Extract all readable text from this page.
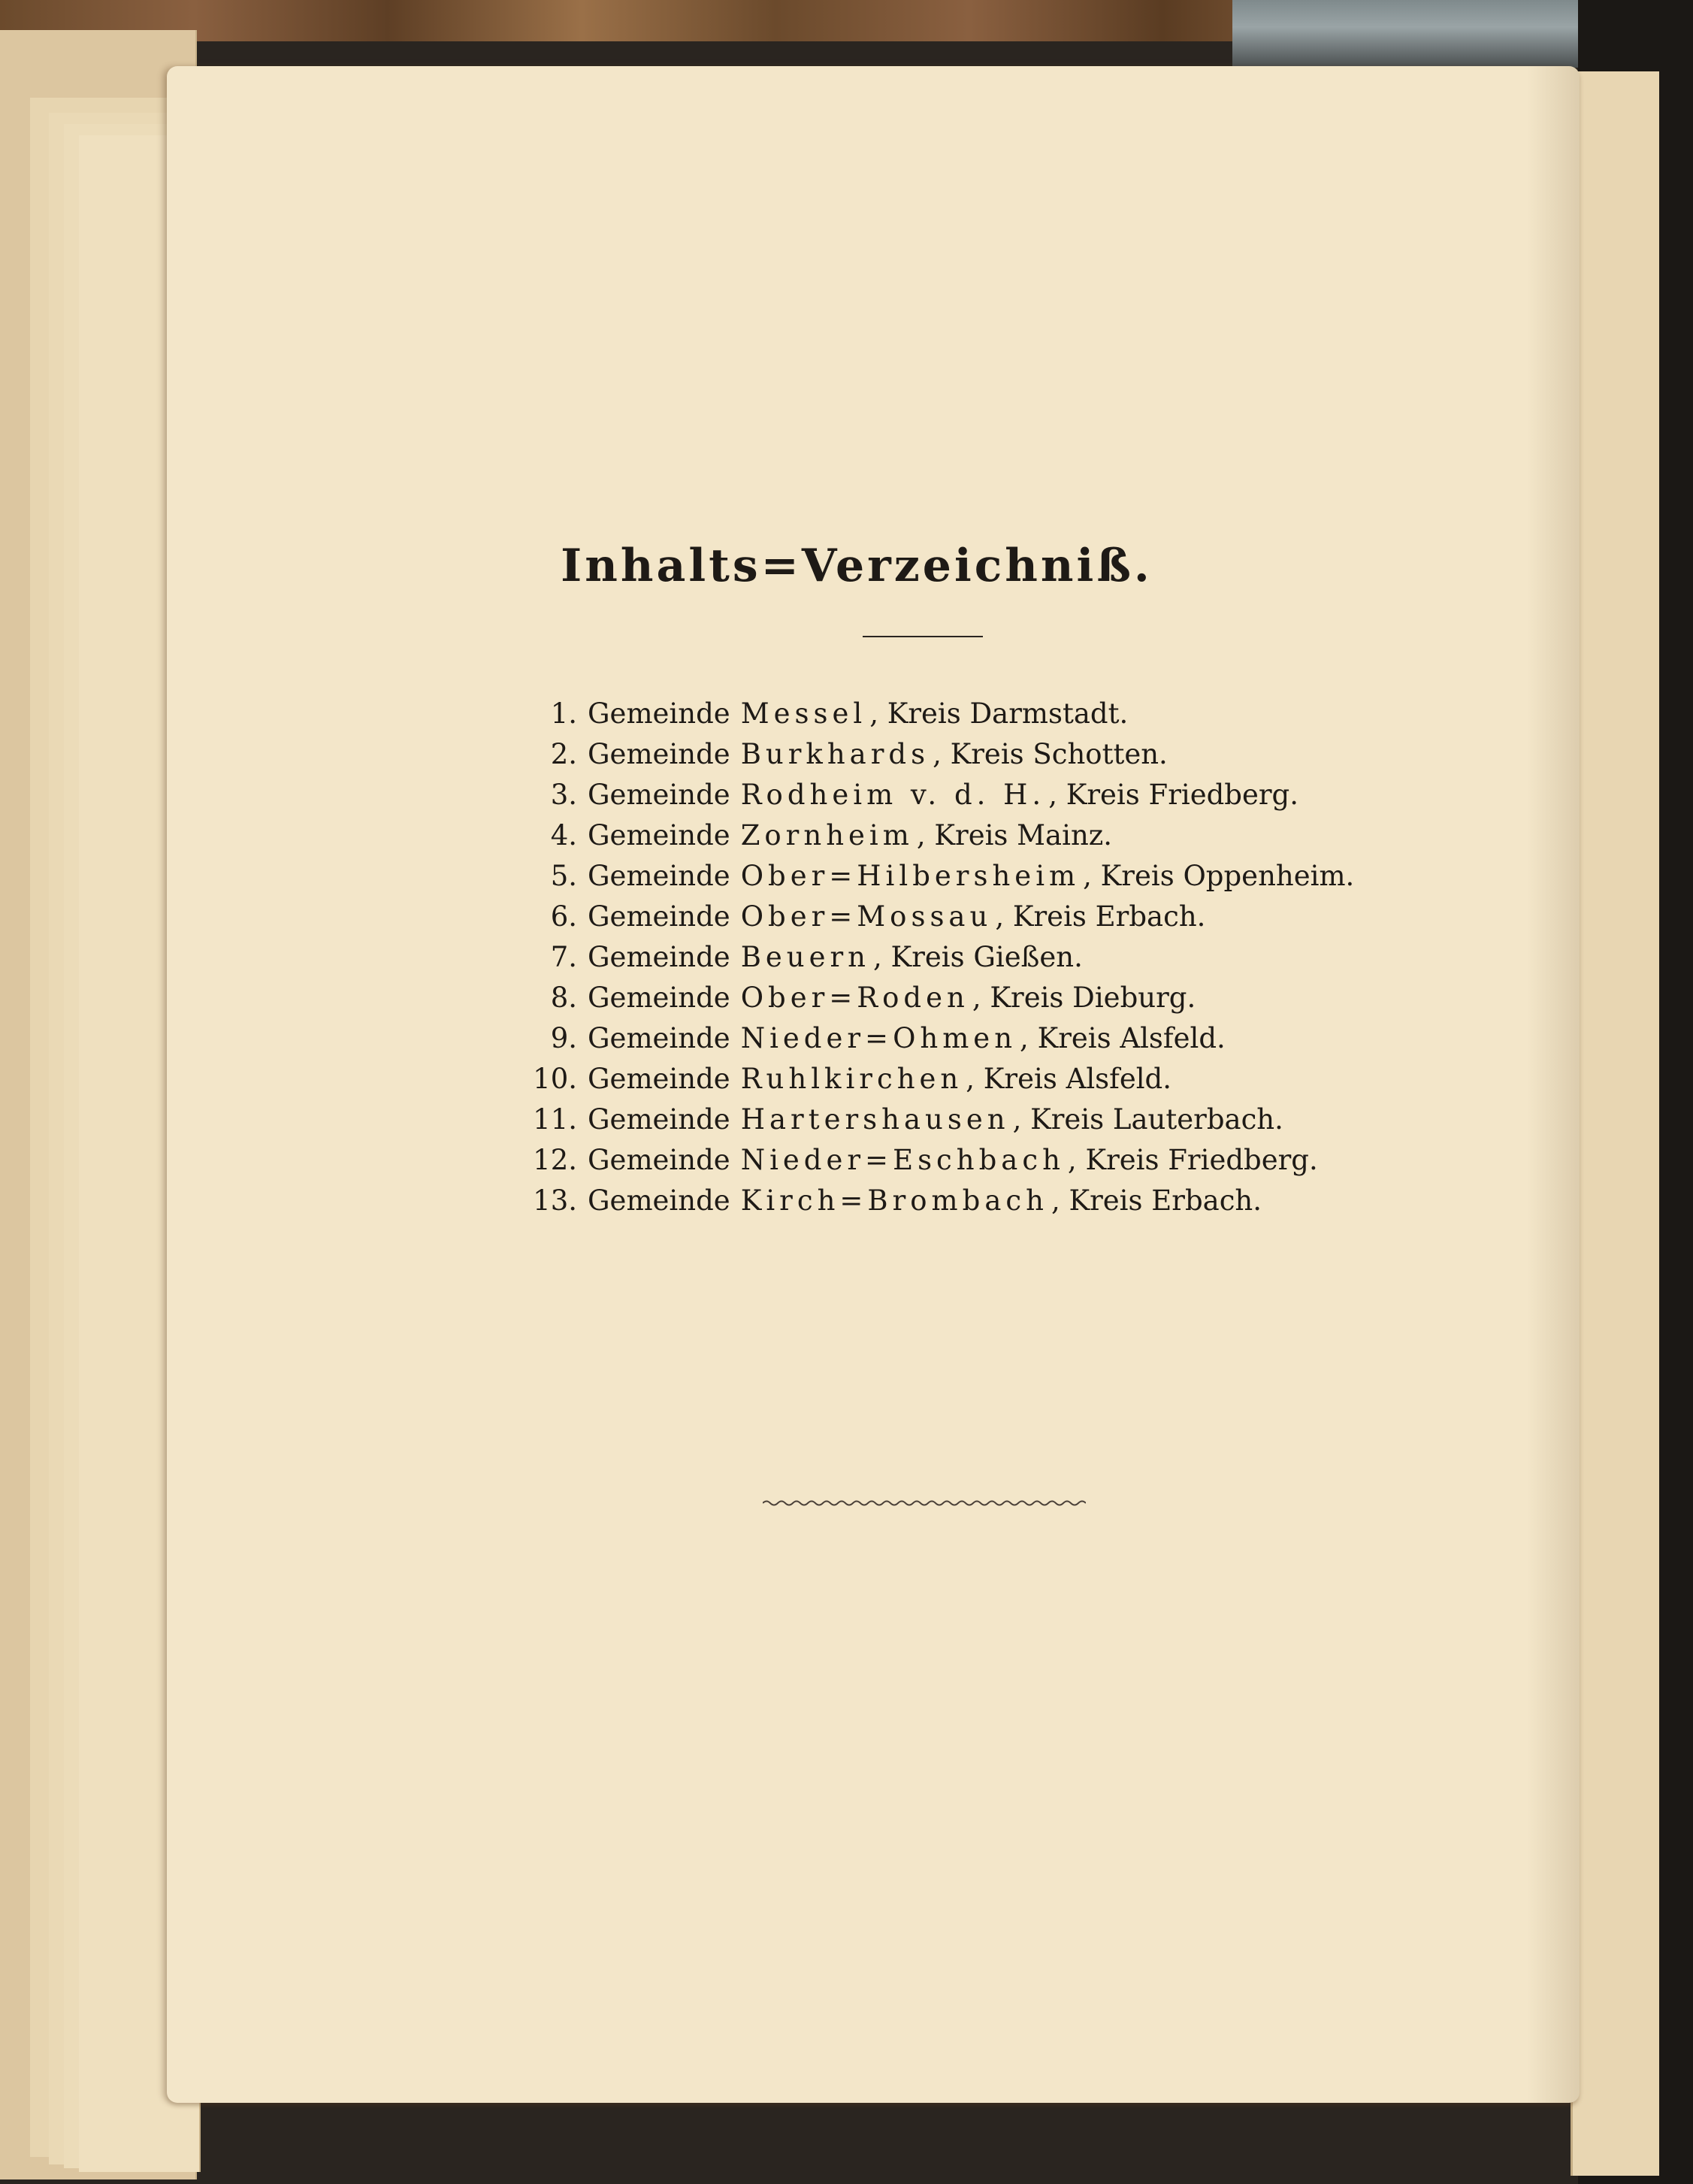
Inhalts=Verzeichniß.
1. Gemeinde Messel , Kreis Darmstadt.
2. Gemeinde Burkhards , Kreis Schotten.
3. Gemeinde Rodheim v. d. H. , Kreis Friedberg.
4. Gemeinde Zornheim , Kreis Mainz.
5. Gemeinde Ober=Hilbersheim , Kreis Oppenheim.
6. Gemeinde Ober=Mossau , Kreis Erbach.
7. Gemeinde Beuern , Kreis Gießen.
8. Gemeinde Ober=Roden , Kreis Dieburg.
9. Gemeinde Nieder=Ohmen , Kreis Alsfeld.
10. Gemeinde Ruhlkirchen , Kreis Alsfeld.
11. Gemeinde Hartershausen , Kreis Lauterbach.
12. Gemeinde Nieder=Eschbach , Kreis Friedberg.
13. Gemeinde Kirch=Brombach , Kreis Erbach.
